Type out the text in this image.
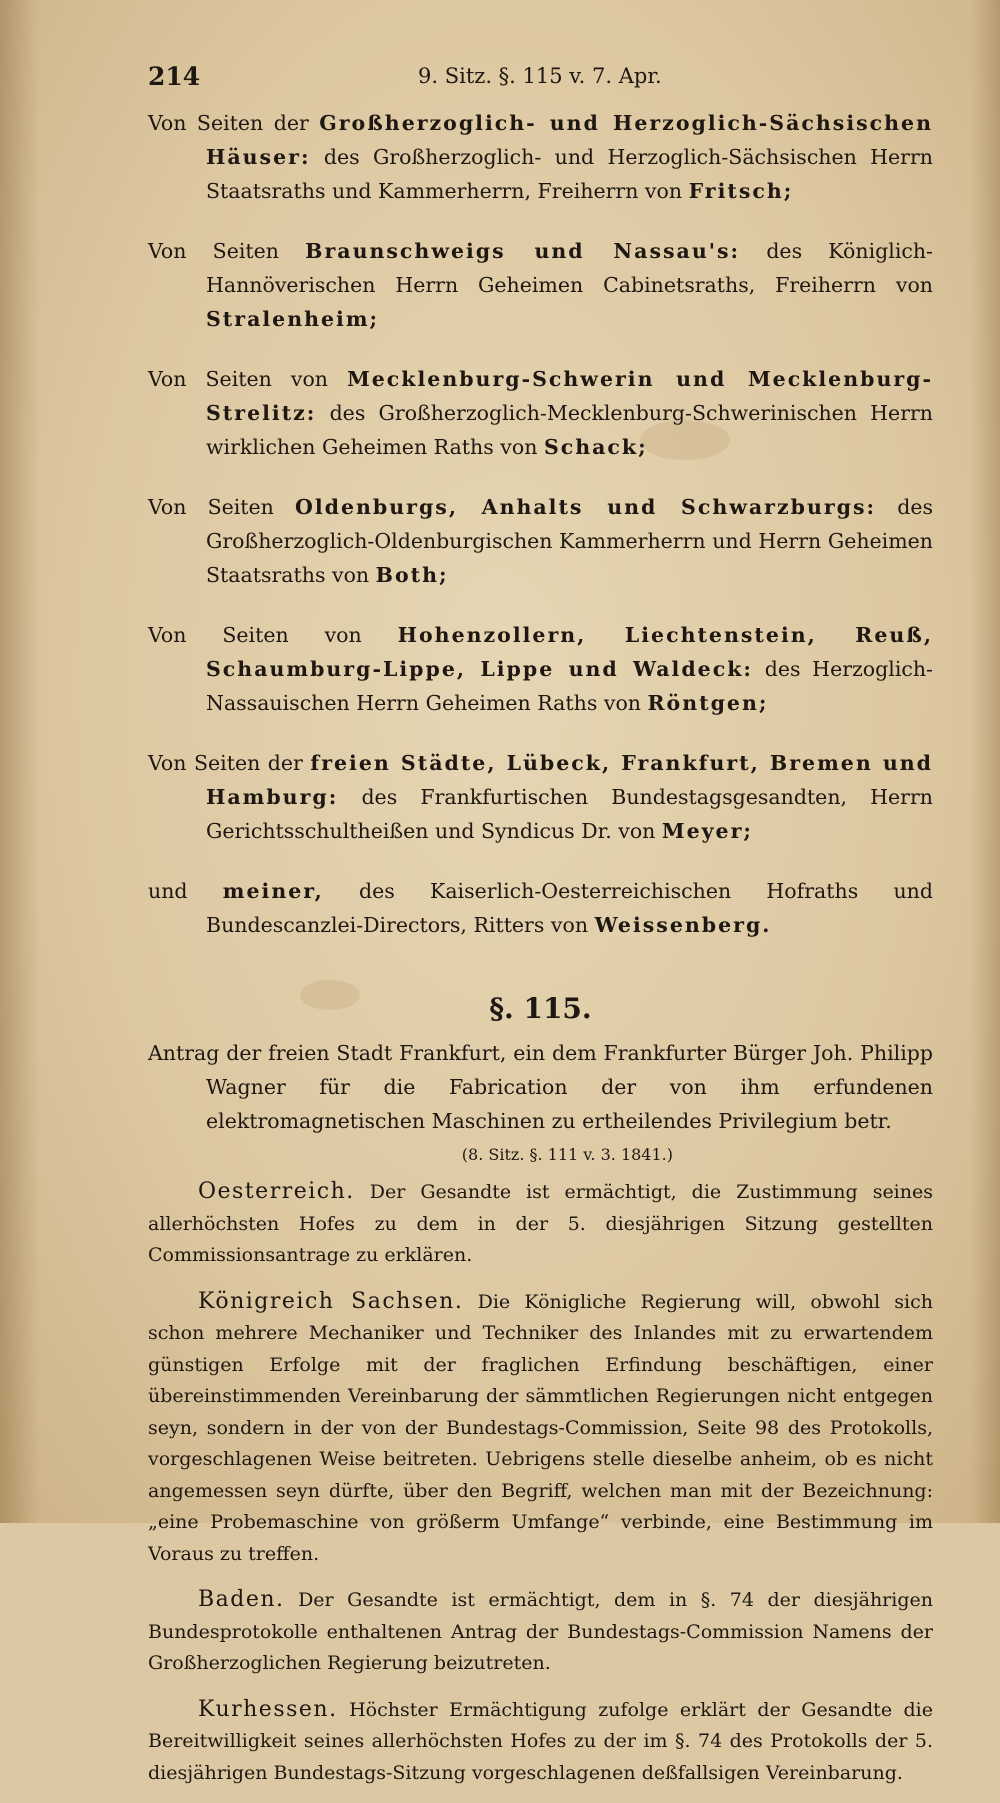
214	9. Sitz. §. 115 v. 7. Apr.

Von Seiten der Großherzoglich- und Herzoglich-Sächsischen Häuser: des Großherzoglich- und Herzoglich-Sächsischen Herrn Staatsraths und Kammerherrn, Freiherrn von Fritsch;

Von Seiten Braunschweigs und Nassau's: des Königlich-Hannöverischen Herrn Geheimen Cabinetsraths, Freiherrn von Stralenheim;

Von Seiten von Mecklenburg-Schwerin und Mecklenburg-Strelitz: des Großherzoglich-Mecklenburg-Schwerinischen Herrn wirklichen Geheimen Raths von Schack;

Von Seiten Oldenburgs, Anhalts und Schwarzburgs: des Großherzoglich-Oldenburgischen Kammerherrn und Herrn Geheimen Staatsraths von Both;

Von Seiten von Hohenzollern, Liechtenstein, Reuß, Schaumburg-Lippe, Lippe und Waldeck: des Herzoglich-Nassauischen Herrn Geheimen Raths von Röntgen;

Von Seiten der freien Städte, Lübeck, Frankfurt, Bremen und Hamburg: des Frankfurtischen Bundestagsgesandten, Herrn Gerichtsschultheißen und Syndicus Dr. von Meyer;

und meiner, des Kaiserlich-Oesterreichischen Hofraths und Bundescanzlei-Directors, Ritters von Weissenberg.

§. 115.

Antrag der freien Stadt Frankfurt, ein dem Frankfurter Bürger Joh. Philipp Wagner für die Fabrication der von ihm erfundenen elektromagnetischen Maschinen zu ertheilendes Privilegium betr.

(8. Sitz. §. 111 v. 3. 1841.)

Oesterreich. Der Gesandte ist ermächtigt, die Zustimmung seines allerhöchsten Hofes zu dem in der 5. diesjährigen Sitzung gestellten Commissionsantrage zu erklären.

Königreich Sachsen. Die Königliche Regierung will, obwohl sich schon mehrere Mechaniker und Techniker des Inlandes mit zu erwartendem günstigen Erfolge mit der fraglichen Erfindung beschäftigen, einer übereinstimmenden Vereinbarung der sämmtlichen Regierungen nicht entgegen seyn, sondern in der von der Bundestags-Commission, Seite 98 des Protokolls, vorgeschlagenen Weise beitreten. Uebrigens stelle dieselbe anheim, ob es nicht angemessen seyn dürfte, über den Begriff, welchen man mit der Bezeichnung: „eine Probemaschine von größerm Umfange“ verbinde, eine Bestimmung im Voraus zu treffen.

Baden. Der Gesandte ist ermächtigt, dem in §. 74 der diesjährigen Bundesprotokolle enthaltenen Antrag der Bundestags-Commission Namens der Großherzoglichen Regierung beizutreten.

Kurhessen. Höchster Ermächtigung zufolge erklärt der Gesandte die Bereitwilligkeit seines allerhöchsten Hofes zu der im §. 74 des Protokolls der 5. diesjährigen Bundestags-Sitzung vorgeschlagenen deßfallsigen Vereinbarung.
